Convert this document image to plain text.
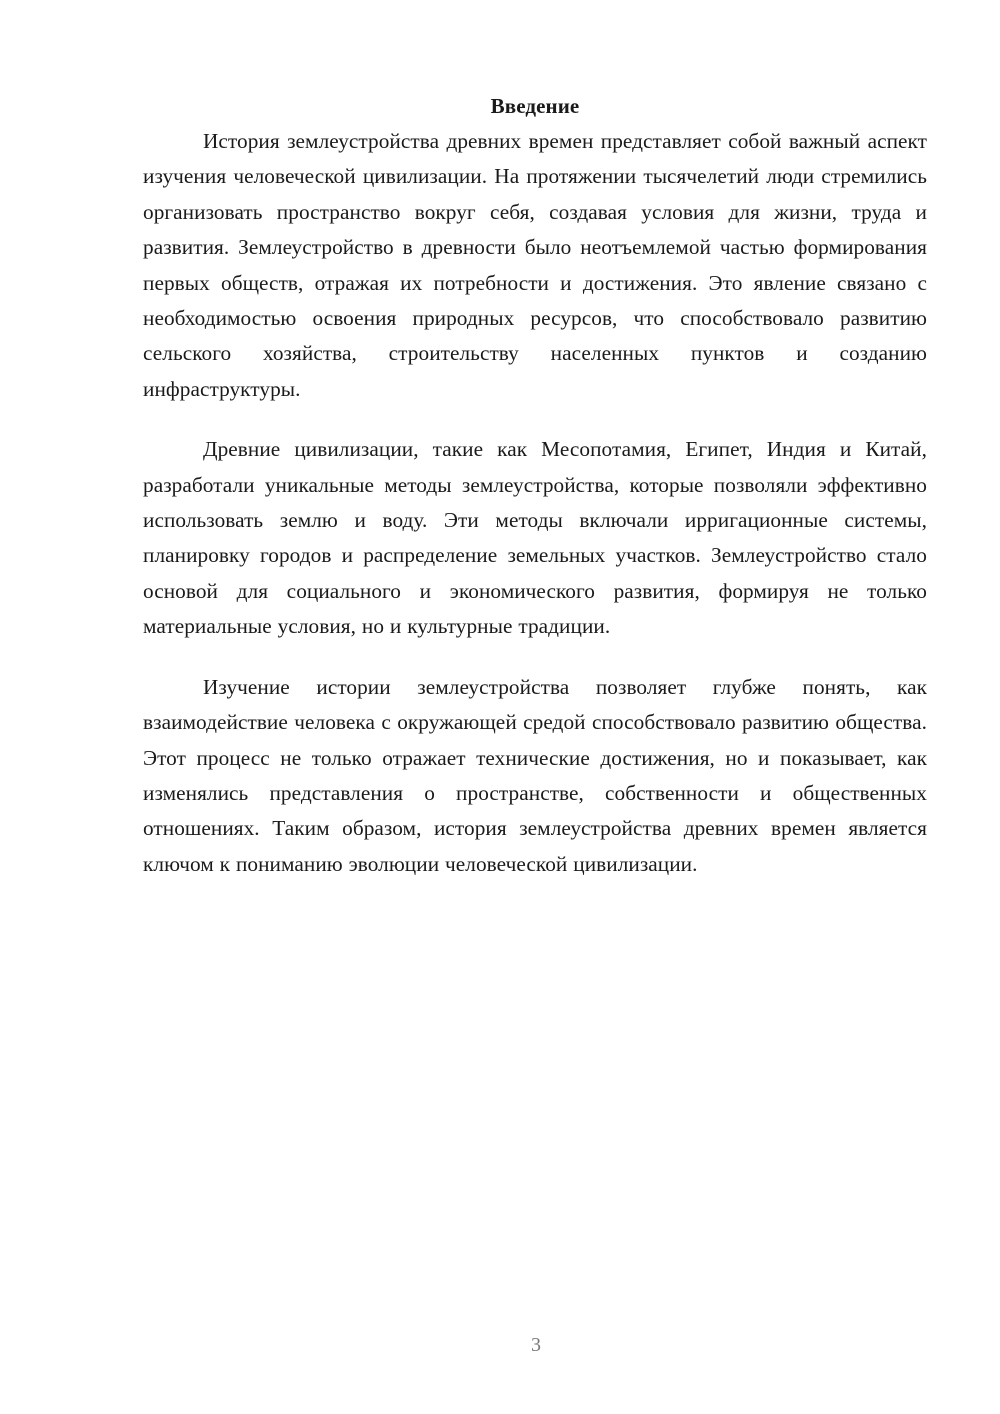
Введение

История землеустройства древних времен представляет собой важный аспект изучения человеческой цивилизации. На протяжении тысячелетий люди стремились организовать пространство вокруг себя, создавая условия для жизни, труда и развития. Землеустройство в древности было неотъемлемой частью формирования первых обществ, отражая их потребности и достижения. Это явление связано с необходимостью освоения природных ресурсов, что способствовало развитию сельского хозяйства, строительству населенных пунктов и созданию инфраструктуры.

Древние цивилизации, такие как Месопотамия, Египет, Индия и Китай, разработали уникальные методы землеустройства, которые позволяли эффективно использовать землю и воду. Эти методы включали ирригационные системы, планировку городов и распределение земельных участков. Землеустройство стало основой для социального и экономического развития, формируя не только материальные условия, но и культурные традиции.

Изучение истории землеустройства позволяет глубже понять, как взаимодействие человека с окружающей средой способствовало развитию общества. Этот процесс не только отражает технические достижения, но и показывает, как изменялись представления о пространстве, собственности и общественных отношениях. Таким образом, история землеустройства древних времен является ключом к пониманию эволюции человеческой цивилизации.

3
